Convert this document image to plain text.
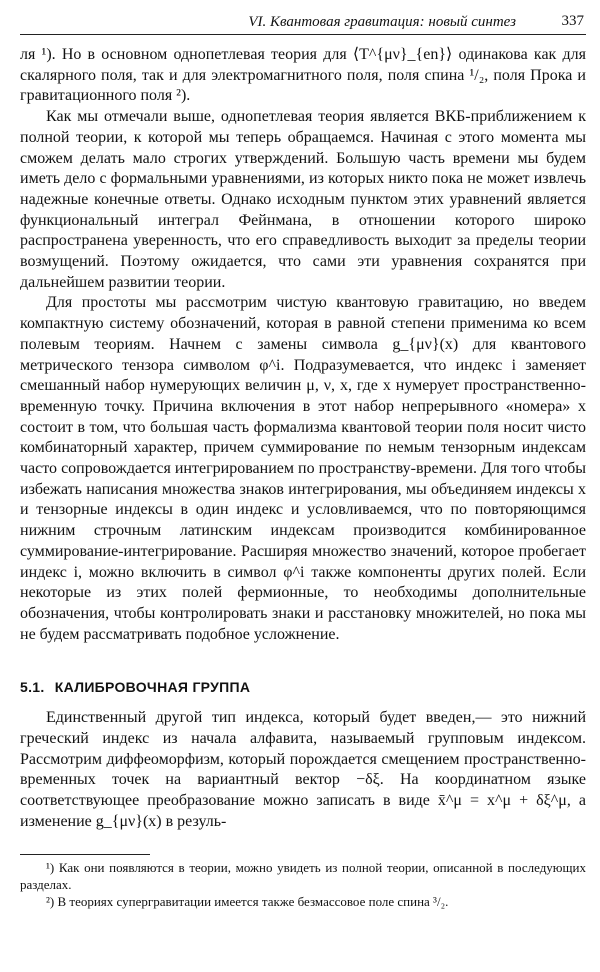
VI. Квантовая гравитация: новый синтез	337

ля ¹). Но в основном однопетлевая теория для ⟨T^{μν}_{en}⟩ одинакова как для скалярного поля, так и для электромагнитного поля, поля спина ¹/₂, поля Прока и гравитационного поля ²).

Как мы отмечали выше, однопетлевая теория является ВКБ-приближением к полной теории, к которой мы теперь обращаемся. Начиная с этого момента мы сможем делать мало строгих утверждений. Большую часть времени мы будем иметь дело с формальными уравнениями, из которых никто пока не может извлечь надежные конечные ответы. Однако исходным пунктом этих уравнений является функциональный интеграл Фейнмана, в отношении которого широко распространена уверенность, что его справедливость выходит за пределы теории возмущений. Поэтому ожидается, что сами эти уравнения сохранятся при дальнейшем развитии теории.

Для простоты мы рассмотрим чистую квантовую гравитацию, но введем компактную систему обозначений, которая в равной степени применима ко всем полевым теориям. Начнем с замены символа g_{μν}(x) для квантового метрического тензора символом φ^i. Подразумевается, что индекс i заменяет смешанный набор нумерующих величин μ, ν, x, где x нумерует пространственно-временную точку. Причина включения в этот набор непрерывного «номера» x состоит в том, что большая часть формализма квантовой теории поля носит чисто комбинаторный характер, причем суммирование по немым тензорным индексам часто сопровождается интегрированием по пространству-времени. Для того чтобы избежать написания множества знаков интегрирования, мы объединяем индексы x и тензорные индексы в один индекс и условливаемся, что по повторяющимся нижним строчным латинским индексам производится комбинированное суммирование-интегрирование. Расширяя множество значений, которое пробегает индекс i, можно включить в символ φ^i также компоненты других полей. Если некоторые из этих полей фермионные, то необходимы дополнительные обозначения, чтобы контролировать знаки и расстановку множителей, но пока мы не будем рассматривать подобное усложнение.

5.1. КАЛИБРОВОЧНАЯ ГРУППА

Единственный другой тип индекса, который будет введен,— это нижний греческий индекс из начала алфавита, называемый групповым индексом. Рассмотрим диффеоморфизм, который порождается смещением пространственно-временных точек на вариантный вектор −δξ. На координатном языке соответствующее преобразование можно записать в виде x̄^μ = x^μ + δξ^μ, а изменение g_{μν}(x) в резуль-

¹) Как они появляются в теории, можно увидеть из полной теории, описанной в последующих разделах.

²) В теориях супергравитации имеется также безмассовое поле спина ³/₂.
